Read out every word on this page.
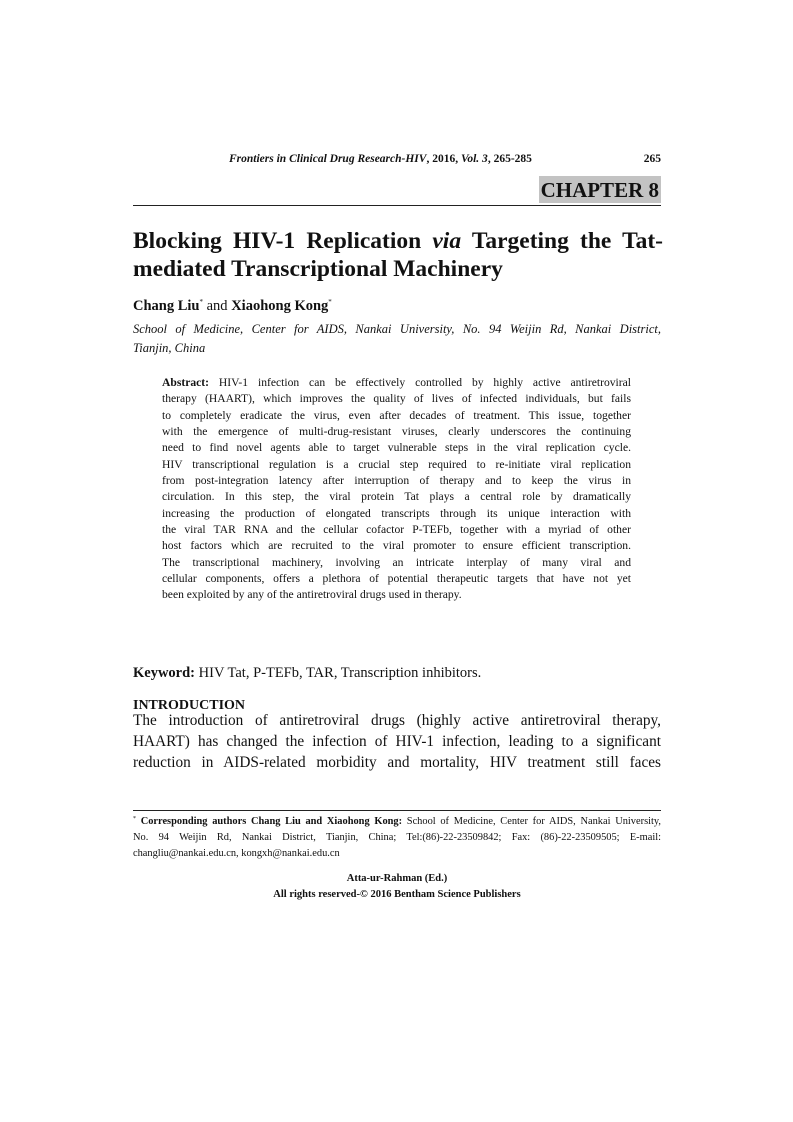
Frontiers in Clinical Drug Research-HIV, 2016, Vol. 3, 265-285	265
CHAPTER 8
Blocking HIV-1 Replication via Targeting the Tat-
mediated Transcriptional Machinery
Chang Liu* and Xiaohong Kong*
School of Medicine, Center for AIDS, Nankai University, No. 94 Weijin Rd, Nankai District,
Tianjin, China
Abstract: HIV-1 infection can be effectively controlled by highly active antiretroviral
therapy (HAART), which improves the quality of lives of infected individuals, but fails
to completely eradicate the virus, even after decades of treatment. This issue, together
with the emergence of multi-drug-resistant viruses, clearly underscores the continuing
need to find novel agents able to target vulnerable steps in the viral replication cycle.
HIV transcriptional regulation is a crucial step required to re-initiate viral replication
from post-integration latency after interruption of therapy and to keep the virus in
circulation. In this step, the viral protein Tat plays a central role by dramatically
increasing the production of elongated transcripts through its unique interaction with
the viral TAR RNA and the cellular cofactor P-TEFb, together with a myriad of other
host factors which are recruited to the viral promoter to ensure efficient transcription.
The transcriptional machinery, involving an intricate interplay of many viral and
cellular components, offers a plethora of potential therapeutic targets that have not yet
been exploited by any of the antiretroviral drugs used in therapy.
Keyword: HIV Tat, P-TEFb, TAR, Transcription inhibitors.
INTRODUCTION
The introduction of antiretroviral drugs (highly active antiretroviral therapy,
HAART) has changed the infection of HIV-1 infection, leading to a significant
reduction in AIDS-related morbidity and mortality, HIV treatment still faces
* Corresponding authors Chang Liu and Xiaohong Kong: School of Medicine, Center for AIDS, Nankai University,
No. 94 Weijin Rd, Nankai District, Tianjin, China; Tel:(86)-22-23509842; Fax: (86)-22-23509505; E-mail:
changliu@nankai.edu.cn, kongxh@nankai.edu.cn
Atta-ur-Rahman (Ed.)
All rights reserved-© 2016 Bentham Science Publishers
